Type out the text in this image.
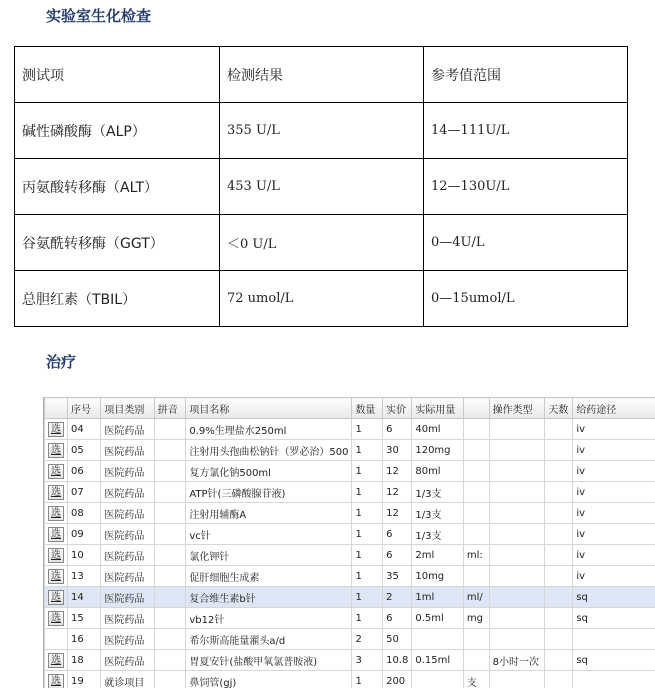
实验室生化检查
测试项	检测结果	参考值范围
碱性磷酸酶（ALP）	355 U/L	14—111U/L
丙氨酸转移酶（ALT）	453 U/L	12—130U/L
谷氨酰转移酶（GGT）	＜0 U/L	0—4U/L
总胆红素（TBIL）	72 umol/L	0—15umol/L
治疗
	序号	项目类别	拼音	项目名称	数量	实价	实际用量		操作类型	天数	给药途径
选	04	医院药品		0.9%生理盐水250ml	1	6	40ml				iv
选	05	医院药品		注射用头孢曲松钠针（罗必治）500	1	30	120mg				iv
选	06	医院药品		复方氯化钠500ml	1	12	80ml				iv
选	07	医院药品		ATP针(三磷酸腺苷液)	1	12	1/3支				iv
选	08	医院药品		注射用辅酶A	1	12	1/3支				iv
选	09	医院药品		vc针	1	6	1/3支				iv
选	10	医院药品		氯化钾针	1	6	2ml	ml:			iv
选	13	医院药品		促肝细胞生成素	1	35	10mg				iv
选	14	医院药品		复合维生素b针	1	2	1ml	ml/			sq
选	15	医院药品		vb12针	1	6	0.5ml	mg			sq
	16	医院药品		希尔斯高能量濯头a/d	2	50					
选	18	医院药品		胃夏安针(盐酸甲氧氯普胺液)	3	10.8	0.15ml		8小时一次		sq
选	19	就诊项目		鼻饲管(gj)	1	200		支			
